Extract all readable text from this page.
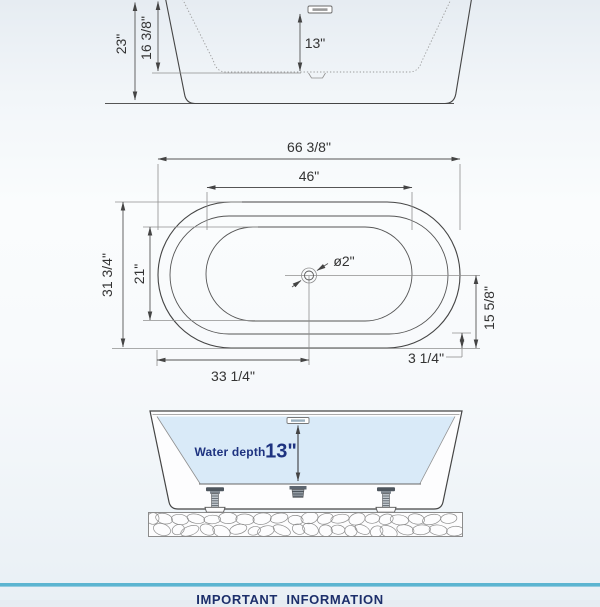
23" 16 3/8"	13"
66 3/8"
46"
31 3/4" 21"
ø2"
15 5/8"
3 1/4"
33 1/4"
Water depth 13"
IMPORTANT  INFORMATION
